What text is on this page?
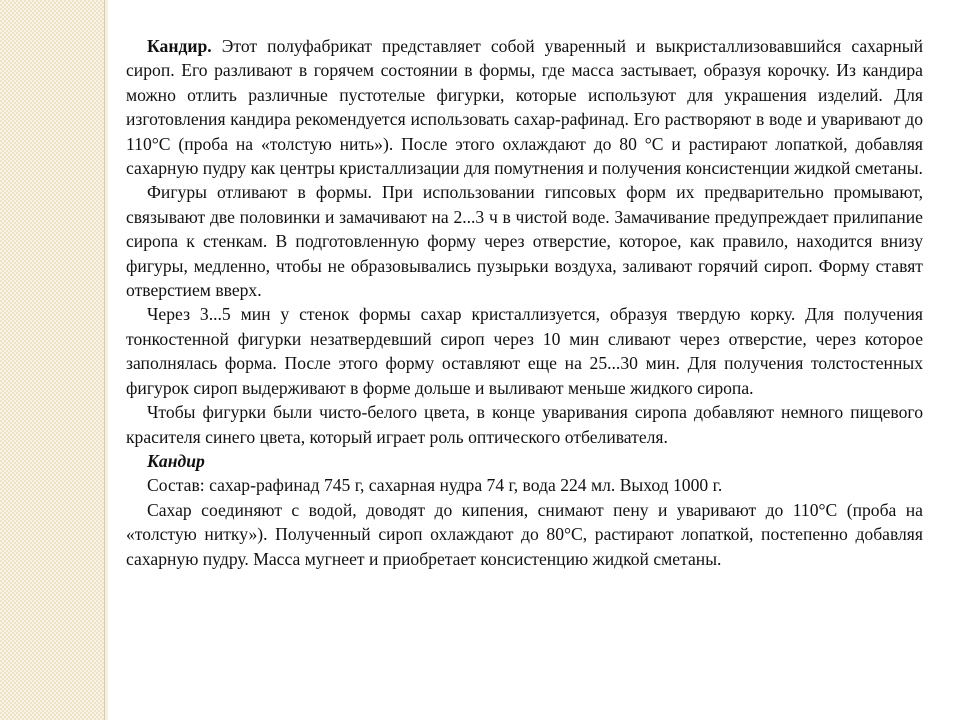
Кандир. Этот полуфабрикат представляет собой уваренный и выкристаллизовавшийся сахарный сироп. Его разливают в горячем состоянии в формы, где масса застывает, образуя корочку. Из кандира можно отлить различные пустотелые фигурки, которые используют для украшения изделий. Для изготовления кандира рекомендуется использовать сахар-рафинад. Его растворяют в воде и уваривают до 110°С (проба на «толстую нить»). После этого охлаждают до 80 °С и растирают лопаткой, добавляя сахарную пудру как центры кристаллизации для помутнения и получения консистенции жидкой сметаны.

Фигуры отливают в формы. При использовании гипсовых форм их предварительно промывают, связывают две половинки и замачивают на 2...3 ч в чистой воде. Замачивание предупреждает прилипание сиропа к стенкам. В подготовленную форму через отверстие, которое, как правило, находится внизу фигуры, медленно, чтобы не образовывались пузырьки воздуха, заливают горячий сироп. Форму ставят отверстием вверх.

Через 3...5 мин у стенок формы сахар кристаллизуется, образуя твердую корку. Для получения тонкостенной фигурки незатвердевший сироп через 10 мин сливают через отверстие, через которое заполнялась форма. После этого форму оставляют еще на 25...30 мин. Для получения толстостенных фигурок сироп выдерживают в форме дольше и выливают меньше жидкого сиропа.

Чтобы фигурки были чисто-белого цвета, в конце уваривания сиропа добавляют немного пищевого красителя синего цвета, который играет роль оптического отбеливателя.

Кандир

Состав: сахар-рафинад 745 г, сахарная нудра 74 г, вода 224 мл. Выход 1000 г.

Сахар соединяют с водой, доводят до кипения, снимают пену и уваривают до 110°С (проба на «толстую нитку»). Полученный сироп охлаждают до 80°С, растирают лопаткой, постепенно добавляя сахарную пудру. Масса мугнеет и приобретает консистенцию жидкой сметаны.
